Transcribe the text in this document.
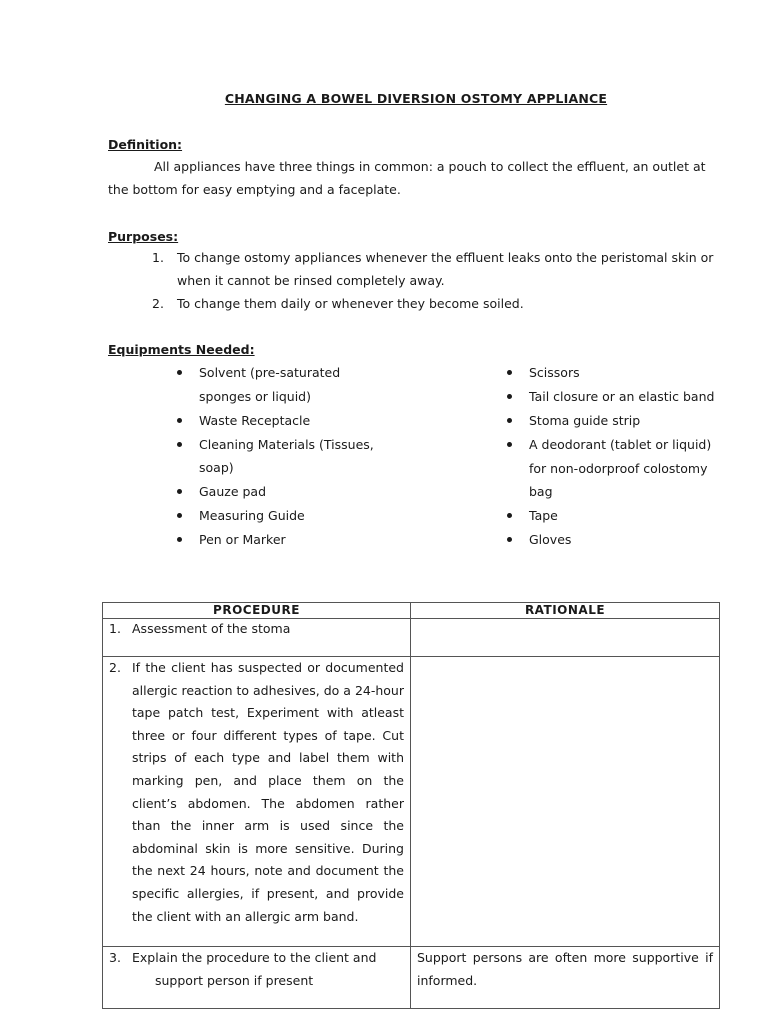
CHANGING A BOWEL DIVERSION OSTOMY APPLIANCE
Definition:
All appliances have three things in common: a pouch to collect the effluent, an outlet at the bottom for easy emptying and a faceplate.
Purposes:
1. To change ostomy appliances whenever the effluent leaks onto the peristomal skin or when it cannot be rinsed completely away.
2. To change them daily or whenever they become soiled.
Equipments Needed:
Solvent (pre-saturated sponges or liquid)
Waste Receptacle
Cleaning Materials (Tissues, soap)
Gauze pad
Measuring Guide
Pen or Marker
Scissors
Tail closure or an elastic band
Stoma guide strip
A deodorant (tablet or liquid) for non-odorproof colostomy bag
Tape
Gloves
PROCEDURE	RATIONALE

1. Assessment of the stoma	

2. If the client has suspected or documented allergic reaction to adhesives, do a 24-hour tape patch test, Experiment with atleast three or four different types of tape. Cut strips of each type and label them with marking pen, and place them on the client’s abdomen. The abdomen rather than the inner arm is used since the abdominal skin is more sensitive. During the next 24 hours, note and document the specific allergies, if present, and provide the client with an allergic arm band.	

3. Explain the procedure to the client and
support person if present	Support persons are often more supportive if informed.
